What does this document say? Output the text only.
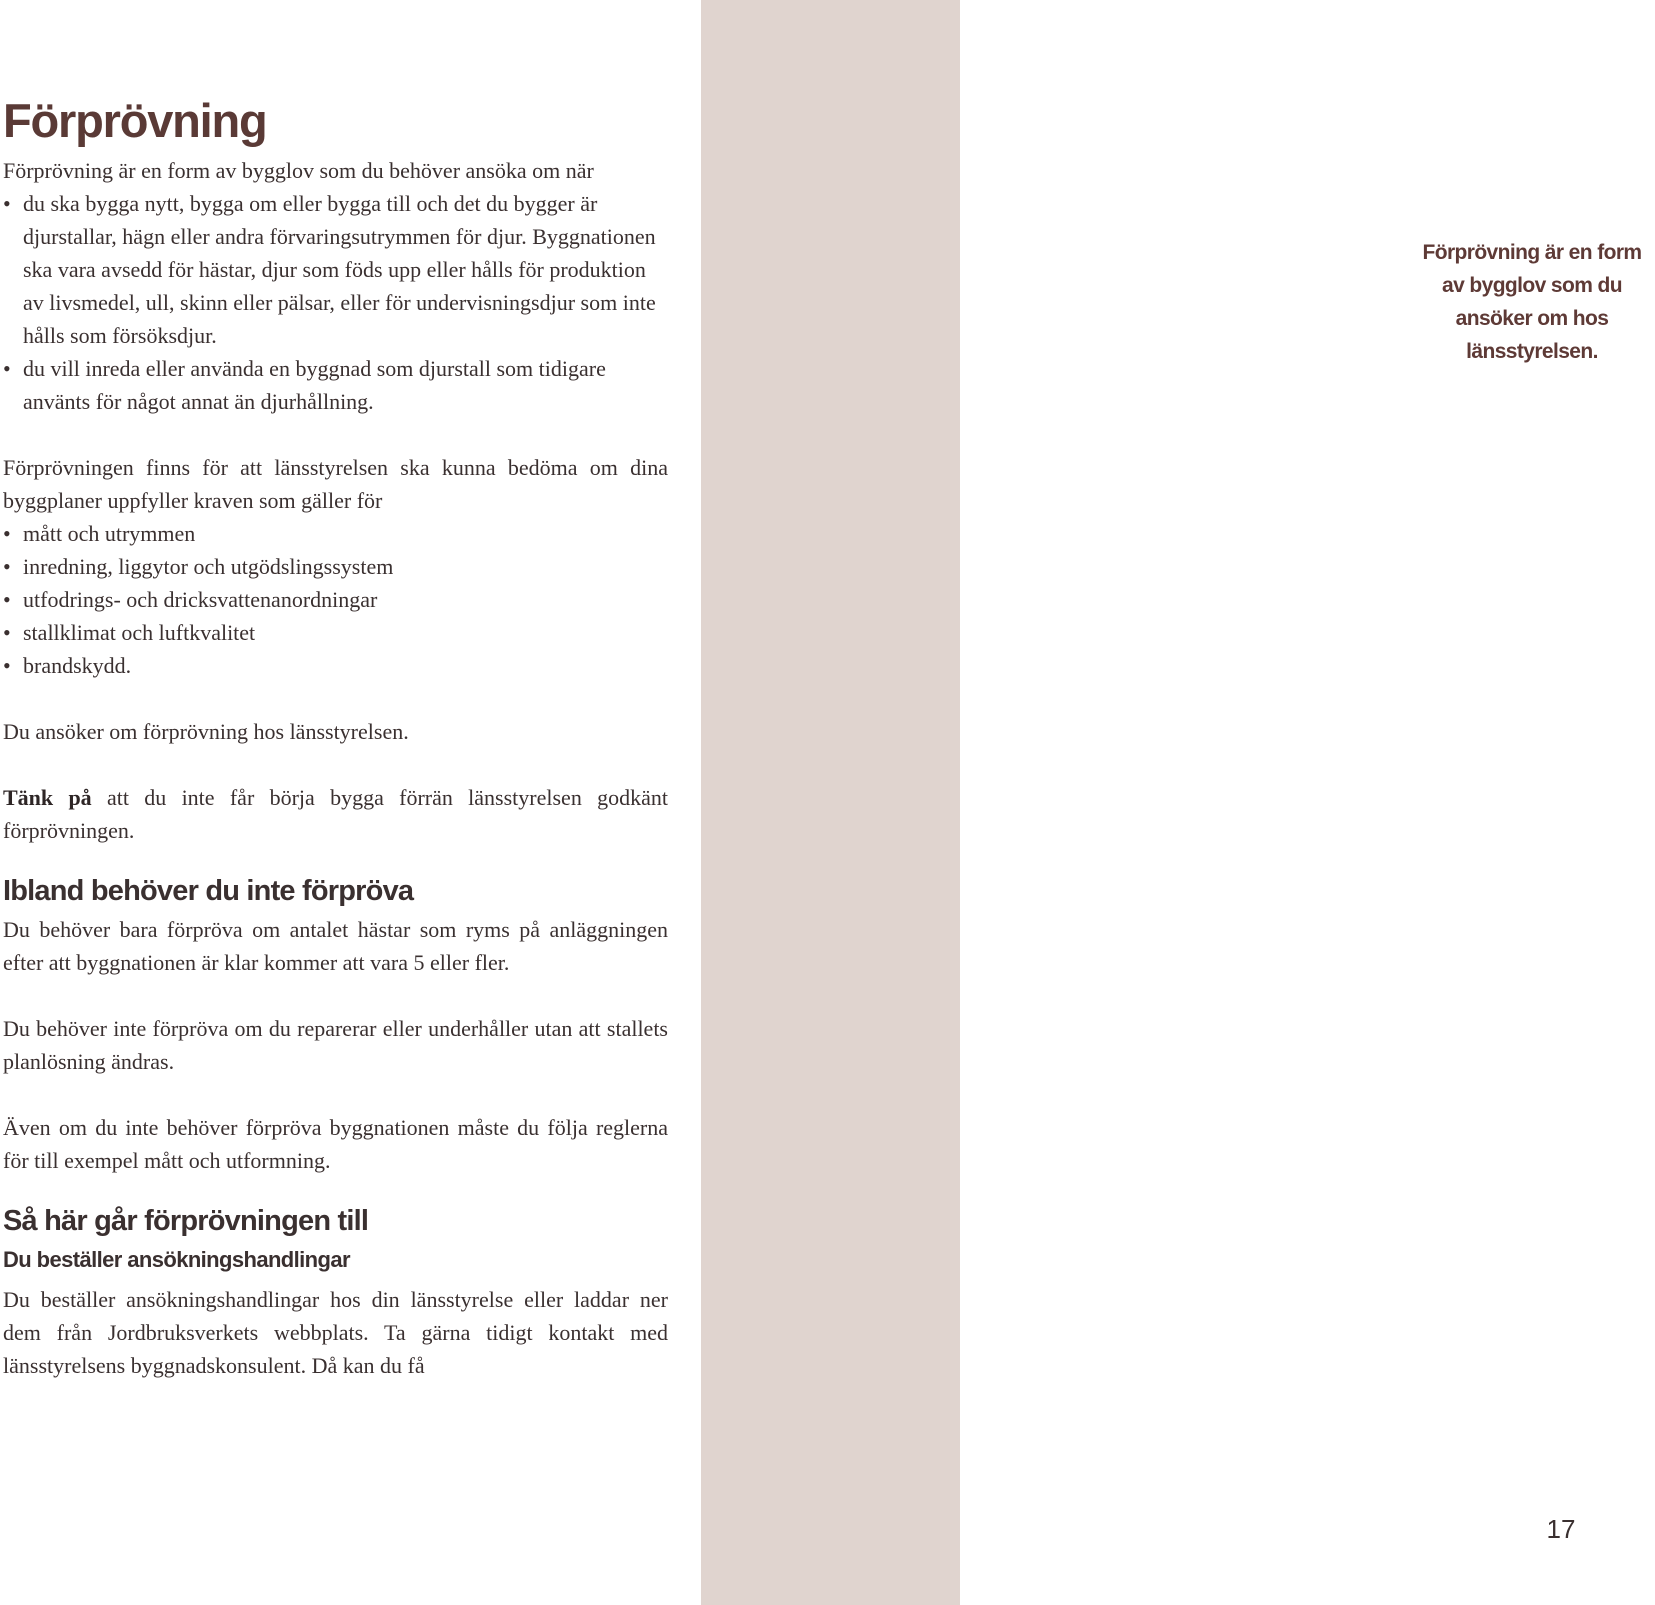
Förprövning är en form av bygglov som du ansöker om hos länsstyrelsen.
17
Förprövning

Förprövning är en form av bygglov som du behöver ansöka om när

• du ska bygga nytt, bygga om eller bygga till och det du bygger är djurstallar, hägn eller andra förvaringsutrymmen för djur. Byggnationen ska vara avsedd för hästar, djur som föds upp eller hålls för produktion av livsmedel, ull, skinn eller pälsar, eller för undervisningsdjur som inte hålls som försöksdjur.
• du vill inreda eller använda en byggnad som djurstall som tidigare använts för något annat än djurhållning.

Förprövningen finns för att länsstyrelsen ska kunna bedöma om dina byggplaner uppfyller kraven som gäller för

• mått och utrymmen
• inredning, liggytor och utgödslingssystem
• utfodrings- och dricksvattenanordningar
• stallklimat och luftkvalitet
• brandskydd.

Du ansöker om förprövning hos länsstyrelsen.

Tänk på att du inte får börja bygga förrän länsstyrelsen godkänt förprövningen.

Ibland behöver du inte förpröva

Du behöver bara förpröva om antalet hästar som ryms på anläggningen efter att byggnationen är klar kommer att vara 5 eller fler.

Du behöver inte förpröva om du reparerar eller underhåller utan att stallets planlösning ändras.

Även om du inte behöver förpröva byggnationen måste du följa reglerna för till exempel mått och utformning.

Så här går förprövningen till
Du beställer ansökningshandlingar

Du beställer ansökningshandlingar hos din länsstyrelse eller laddar ner dem från Jordbruksverkets webbplats. Ta gärna tidigt kontakt med länsstyrelsens byggnadskonsulent. Då kan du få
